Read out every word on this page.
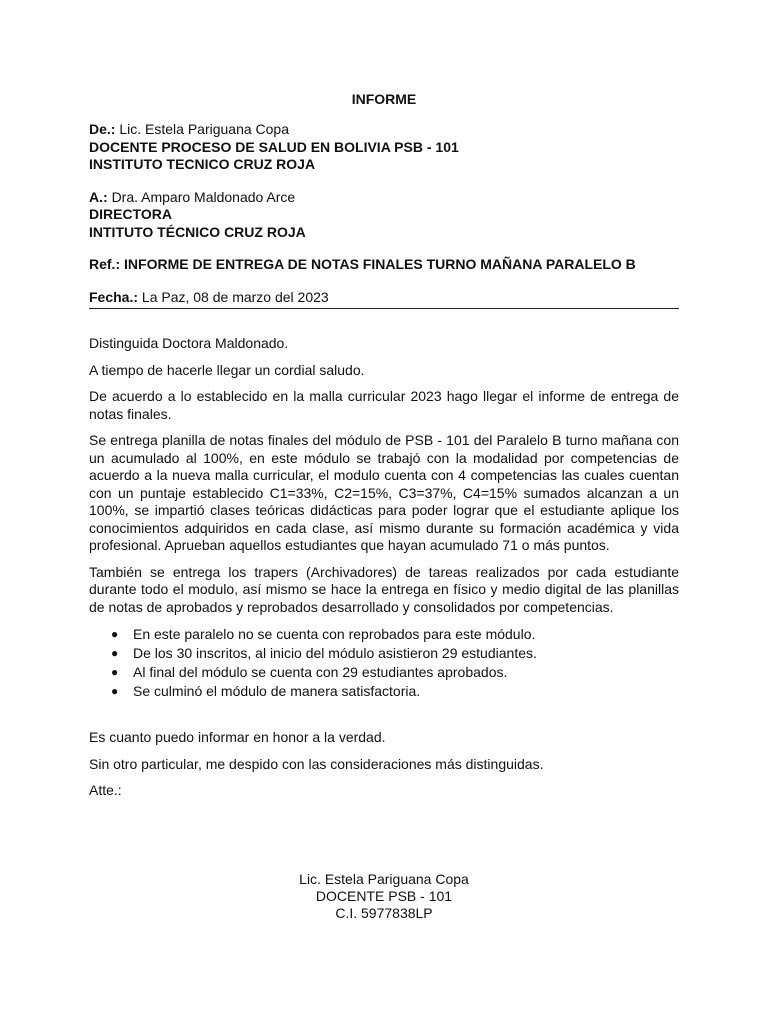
INFORME
De.: Lic. Estela Pariguana Copa
DOCENTE PROCESO DE SALUD EN BOLIVIA PSB - 101
INSTITUTO TECNICO CRUZ ROJA
A.: Dra. Amparo Maldonado Arce
DIRECTORA
INTITUTO TÉCNICO CRUZ ROJA
Ref.: INFORME DE ENTREGA DE NOTAS FINALES TURNO MAÑANA PARALELO B
Fecha.: La Paz, 08 de marzo del 2023

Distinguida Doctora Maldonado.

A tiempo de hacerle llegar un cordial saludo.

De acuerdo a lo establecido en la malla curricular 2023 hago llegar el informe de entrega de notas finales.

Se entrega planilla de notas finales del módulo de PSB - 101 del Paralelo B turno mañana con un acumulado al 100%, en este módulo se trabajó con la modalidad por competencias de acuerdo a la nueva malla curricular, el modulo cuenta con 4 competencias las cuales cuentan con un puntaje establecido C1=33%, C2=15%, C3=37%, C4=15% sumados alcanzan a un 100%, se impartió clases teóricas didácticas para poder lograr que el estudiante aplique los conocimientos adquiridos en cada clase, así mismo durante su formación académica y vida profesional. Aprueban aquellos estudiantes que hayan acumulado 71 o más puntos.

También se entrega los trapers (Archivadores) de tareas realizados por cada estudiante durante todo el modulo, así mismo se hace la entrega en físico y medio digital de las planillas de notas de aprobados y reprobados desarrollado y consolidados por competencias.

● En este paralelo no se cuenta con reprobados para este módulo.
● De los 30 inscritos, al inicio del módulo asistieron 29 estudiantes.
● Al final del módulo se cuenta con 29 estudiantes aprobados.
● Se culminó el módulo de manera satisfactoria.

Es cuanto puedo informar en honor a la verdad.

Sin otro particular, me despido con las consideraciones más distinguidas.

Atte.:

Lic. Estela Pariguana Copa
DOCENTE PSB - 101
C.I. 5977838LP
